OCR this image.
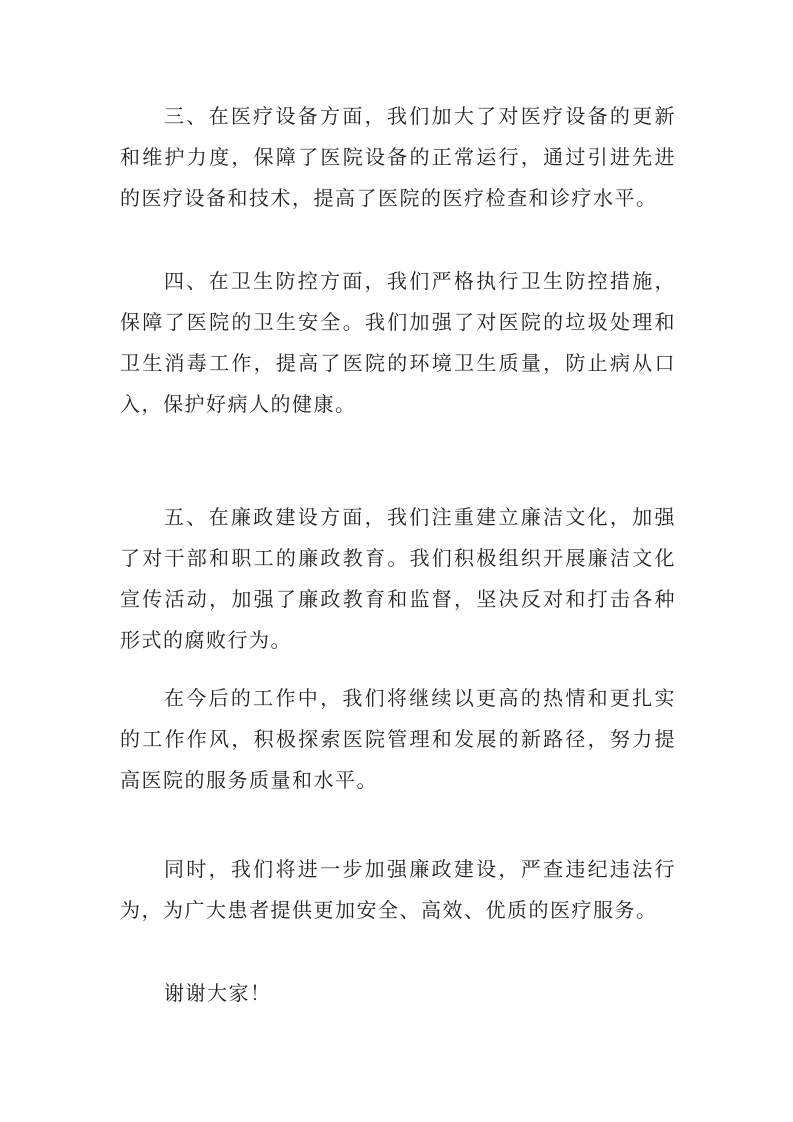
三、在医疗设备方面，我们加大了对医疗设备的更新和维护力度，保障了医院设备的正常运行，通过引进先进的医疗设备和技术，提高了医院的医疗检查和诊疗水平。

四、在卫生防控方面，我们严格执行卫生防控措施，保障了医院的卫生安全。我们加强了对医院的垃圾处理和卫生消毒工作，提高了医院的环境卫生质量，防止病从口入，保护好病人的健康。

五、在廉政建设方面，我们注重建立廉洁文化，加强了对干部和职工的廉政教育。我们积极组织开展廉洁文化宣传活动，加强了廉政教育和监督，坚决反对和打击各种形式的腐败行为。

在今后的工作中，我们将继续以更高的热情和更扎实的工作作风，积极探索医院管理和发展的新路径，努力提高医院的服务质量和水平。

同时，我们将进一步加强廉政建设，严查违纪违法行为，为广大患者提供更加安全、高效、优质的医疗服务。

谢谢大家！
